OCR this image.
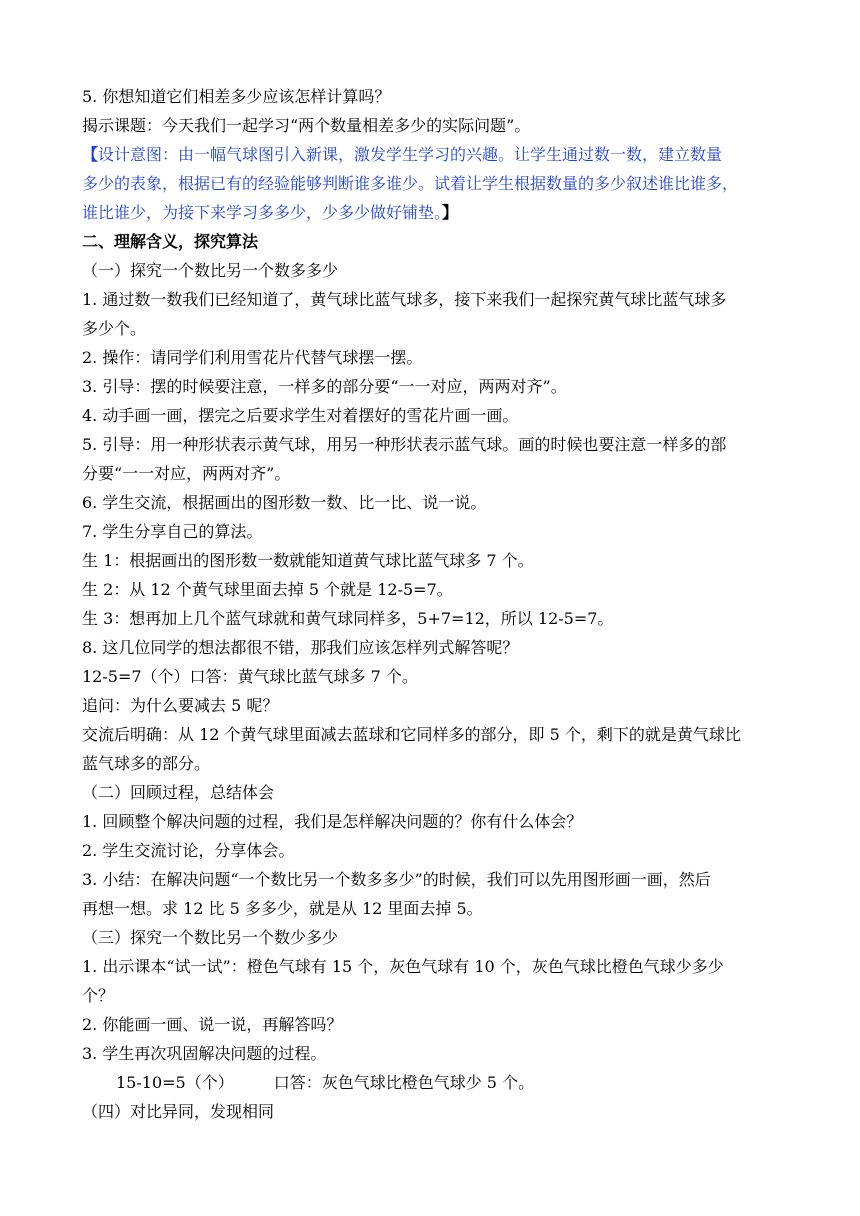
5. 你想知道它们相差多少应该怎样计算吗？
揭示课题：今天我们一起学习“两个数量相差多少的实际问题”。
【设计意图：由一幅气球图引入新课，激发学生学习的兴趣。让学生通过数一数，建立数量
多少的表象，根据已有的经验能够判断谁多谁少。试着让学生根据数量的多少叙述谁比谁多，
谁比谁少，为接下来学习多多少，少多少做好铺垫。】
二、理解含义，探究算法
（一）探究一个数比另一个数多多少
1. 通过数一数我们已经知道了，黄气球比蓝气球多，接下来我们一起探究黄气球比蓝气球多
多少个。
2. 操作：请同学们利用雪花片代替气球摆一摆。
3. 引导：摆的时候要注意，一样多的部分要“一一对应，两两对齐”。
4. 动手画一画，摆完之后要求学生对着摆好的雪花片画一画。
5. 引导：用一种形状表示黄气球，用另一种形状表示蓝气球。画的时候也要注意一样多的部
分要“一一对应，两两对齐”。
6. 学生交流，根据画出的图形数一数、比一比、说一说。
7. 学生分享自己的算法。
生 1：根据画出的图形数一数就能知道黄气球比蓝气球多 7 个。
生 2：从 12 个黄气球里面去掉 5 个就是 12-5=7。
生 3：想再加上几个蓝气球就和黄气球同样多，5+7=12，所以 12-5=7。
8. 这几位同学的想法都很不错，那我们应该怎样列式解答呢？
12-5=7（个）口答：黄气球比蓝气球多 7 个。
追问：为什么要减去 5 呢？
交流后明确：从 12 个黄气球里面减去蓝球和它同样多的部分，即 5 个，剩下的就是黄气球比
蓝气球多的部分。
（二）回顾过程，总结体会
1. 回顾整个解决问题的过程，我们是怎样解决问题的？你有什么体会？
2. 学生交流讨论，分享体会。
3. 小结：在解决问题“一个数比另一个数多多少”的时候，我们可以先用图形画一画，然后
再想一想。求 12 比 5 多多少，就是从 12 里面去掉 5。
（三）探究一个数比另一个数少多少
1. 出示课本“试一试”：橙色气球有 15 个，灰色气球有 10 个，灰色气球比橙色气球少多少
个？
2. 你能画一画、说一说，再解答吗？
3. 学生再次巩固解决问题的过程。
15-10=5（个）	口答：灰色气球比橙色气球少 5 个。
（四）对比异同，发现相同
